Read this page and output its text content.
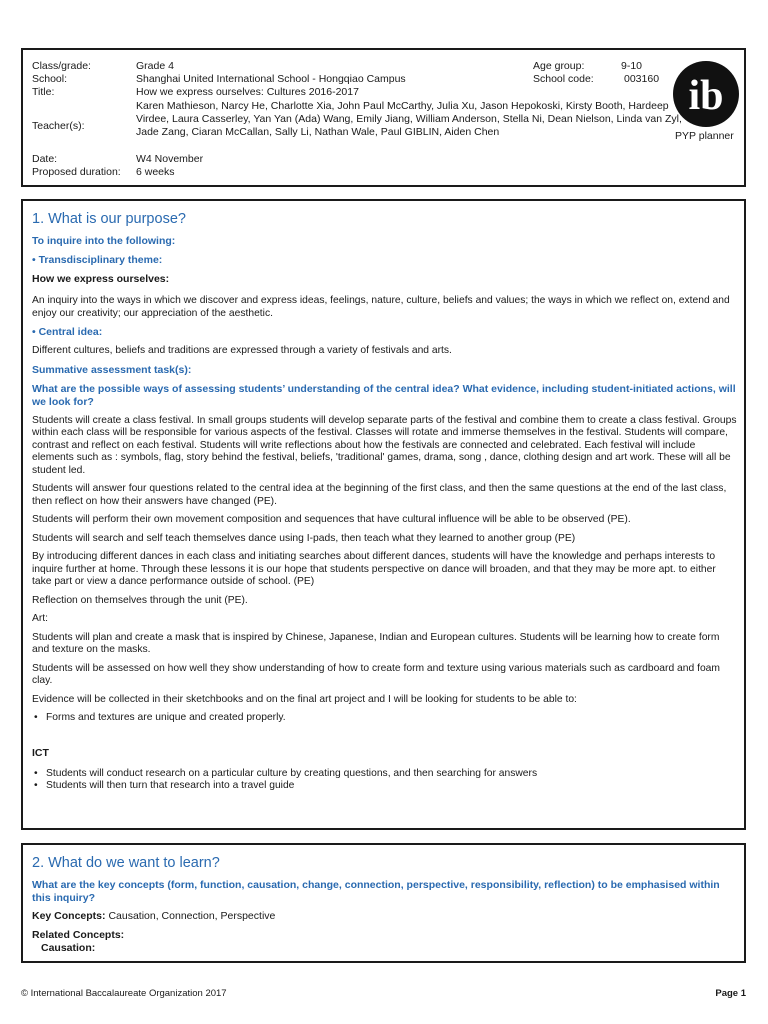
Class/grade:	Grade 4	Age group:	9-10
School:	Shanghai United International School - Hongqiao Campus	School code:	003160
Title:	How we express ourselves: Cultures 2016-2017
Teacher(s):
Karen Mathieson, Narcy He, Charlotte Xia, John Paul McCarthy, Julia Xu, Jason Hepokoski, Kirsty Booth, Hardeep Virdee, Laura Casserley, Yan Yan (Ada) Wang, Emily Jiang, William Anderson, Stella Ni, Dean Nielson, Linda van Zyl, Jade Zang, Ciaran McCallan, Sally Li, Nathan Wale, Paul GIBLIN, Aiden Chen
Date:	W4 November
Proposed duration: 6 weeks
ib
PYP planner
1. What is our purpose?
To inquire into the following:
• Transdisciplinary theme:
How we express ourselves:

An inquiry into the ways in which we discover and express ideas, feelings, nature, culture, beliefs and values; the ways in which we reflect on, extend and enjoy our creativity; our appreciation of the aesthetic.

• Central idea:

Different cultures, beliefs and traditions are expressed through a variety of festivals and arts.

Summative assessment task(s):
What are the possible ways of assessing students’ understanding of the central idea? What evidence, including student-initiated actions, will we look for?

Students will create a class festival. In small groups students will develop separate parts of the festival and combine them to create a class festival. Groups within each class will be responsible for various aspects of the festival. Classes will rotate and immerse themselves in the festival. Students will compare, contrast and reflect on each festival. Students will write reflections about how the festivals are connected and celebrated. Each festival will include elements such as : symbols, flag, story behind the festival, beliefs, 'traditional' games, drama, song , dance, clothing design and art work. These will all be student led.

Students will answer four questions related to the central idea at the beginning of the first class, and then the same questions at the end of the last class, then reflect on how their answers have changed (PE).

Students will perform their own movement composition and sequences that have cultural influence will be able to be observed (PE).

Students will search and self teach themselves dance using I-pads, then teach what they learned to another group (PE)

By introducing different dances in each class and initiating searches about different dances, students will have the knowledge and perhaps interests to inquire further at home. Through these lessons it is our hope that students perspective on dance will broaden, and that they may be more apt. to either take part or view a dance performance outside of school. (PE)

Reflection on themselves through the unit (PE).

Art:

Students will plan and create a mask that is inspired by Chinese, Japanese, Indian and European cultures. Students will be learning how to create form and texture on the masks.

Students will be assessed on how well they show understanding of how to create form and texture using various materials such as cardboard and foam clay.

Evidence will be collected in their sketchbooks and on the final art project and I will be looking for students to be able to:

• Forms and textures are unique and created properly.
ICT
• Students will conduct research on a particular culture by creating questions, and then searching for answers
• Students will then turn that research into a travel guide
2. What do we want to learn?
What are the key concepts (form, function, causation, change, connection, perspective, responsibility, reflection) to be emphasised within this inquiry?
Key Concepts: Causation, Connection, Perspective
Related Concepts:
Causation:
© International Baccalaureate Organization 2017	Page 1
